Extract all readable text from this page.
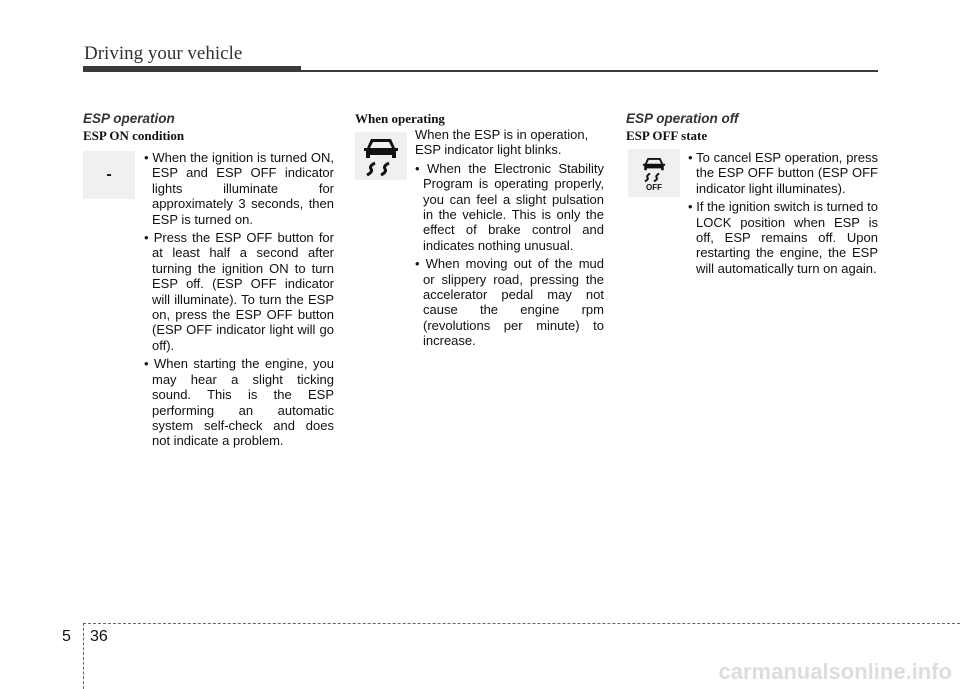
Driving your vehicle
ESP operation
ESP ON condition
-

• When the ignition is turned ON, ESP and ESP OFF indicator lights illuminate for approximately 3 seconds, then ESP is turned on.

• Press the ESP OFF button for at least half a second after turning the ignition ON to turn ESP off. (ESP OFF indicator will illuminate). To turn the ESP on, press the ESP OFF button (ESP OFF indicator light will go off).

• When starting the engine, you may hear a slight ticking sound. This is the ESP performing an automatic system self-check and does not indicate a problem.

When operating

When the ESP is in operation, ESP indicator light blinks.

• When the Electronic Stability Program is operating properly, you can feel a slight pulsation in the vehicle. This is only the effect of brake control and indicates nothing unusual.

• When moving out of the mud or slippery road, pressing the accelerator pedal may not cause the engine rpm (revolutions per minute) to increase.

ESP operation off
ESP OFF state
OFF

• To cancel ESP operation, press the ESP OFF button (ESP OFF indicator light illuminates).

• If the ignition switch is turned to LOCK position when ESP is off, ESP remains off. Upon restarting the engine, the ESP will automatically turn on again.

5 36
carmanualsonline.info
